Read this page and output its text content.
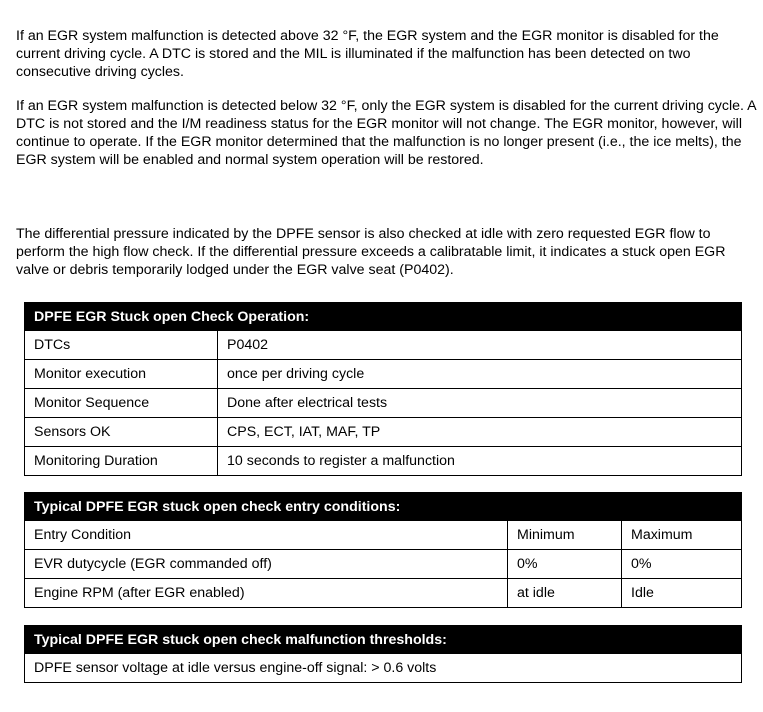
If an EGR system malfunction is detected above 32 °F, the EGR system and the EGR monitor is disabled for the current driving cycle. A DTC is stored and the MIL is illuminated if the malfunction has been detected on two consecutive driving cycles.

If an EGR system malfunction is detected below 32 °F, only the EGR system is disabled for the current driving cycle. A DTC is not stored and the I/M readiness status for the EGR monitor will not change. The EGR monitor, however, will continue to operate. If the EGR monitor determined that the malfunction is no longer present (i.e., the ice melts), the EGR system will be enabled and normal system operation will be restored.

The differential pressure indicated by the DPFE sensor is also checked at idle with zero requested EGR flow to perform the high flow check. If the differential pressure exceeds a calibratable limit, it indicates a stuck open EGR valve or debris temporarily lodged under the EGR valve seat (P0402).

DPFE EGR Stuck open Check Operation:	
DTCs	P0402
Monitor execution	once per driving cycle
Monitor Sequence	Done after electrical tests
Sensors OK	CPS, ECT, IAT, MAF, TP
Monitoring Duration	10 seconds to register a malfunction
Typical DPFE EGR stuck open check entry conditions:		
Entry Condition	Minimum	Maximum
EVR dutycycle (EGR commanded off)	0%	0%
Engine RPM (after EGR enabled)	at idle	Idle
Typical DPFE EGR stuck open check malfunction thresholds:
DPFE sensor voltage at idle versus engine-off signal: > 0.6 volts
